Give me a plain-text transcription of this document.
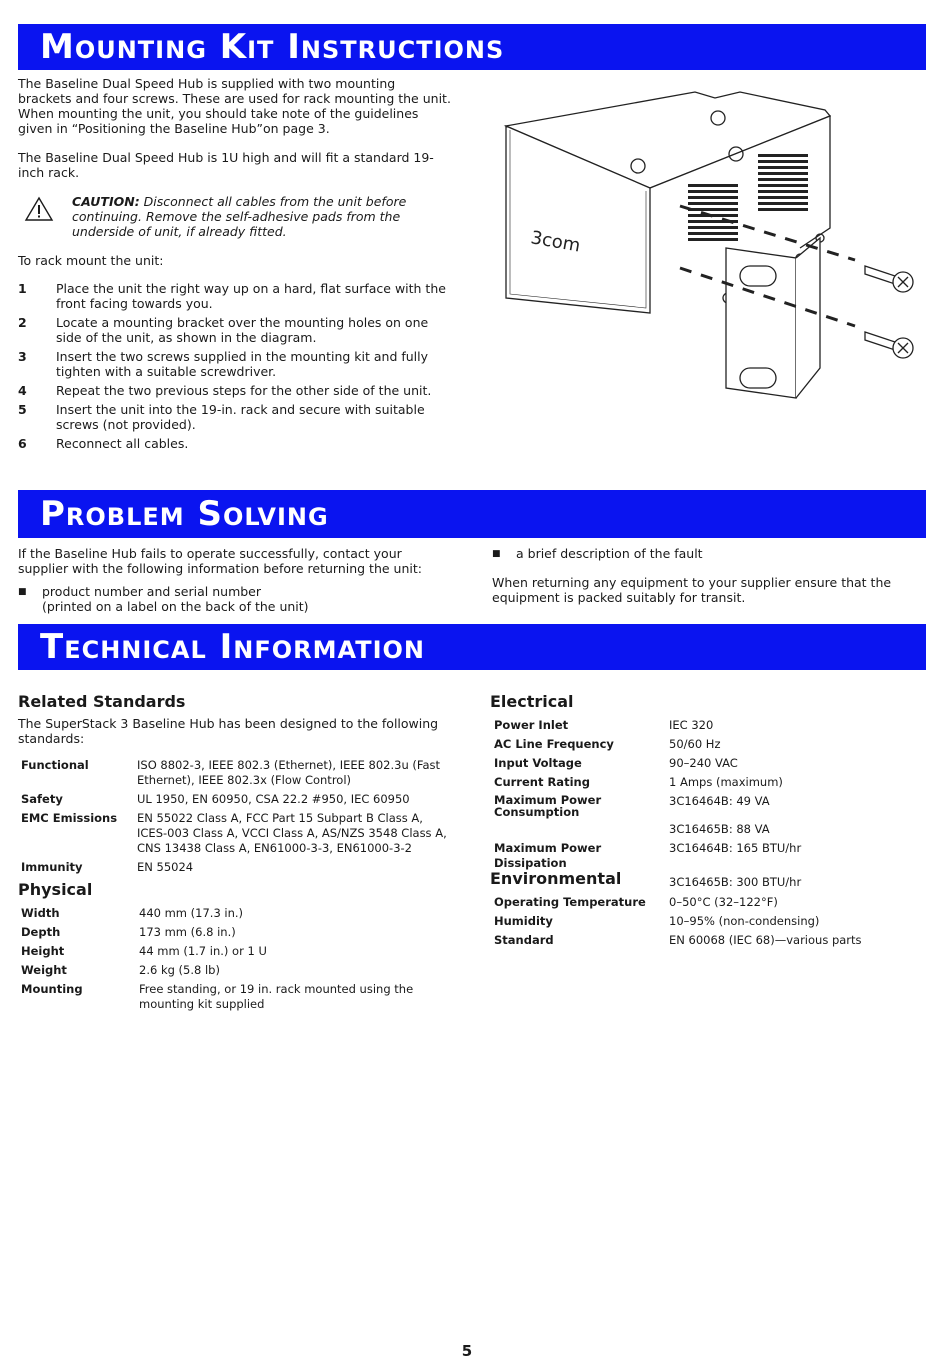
Mounting Kit Instructions

The Baseline Dual Speed Hub is supplied with two mounting brackets and four screws. These are used for rack mounting the unit. When mounting the unit, you should take note of the guidelines given in “Positioning the Baseline Hub”on page 3.

The Baseline Dual Speed Hub is 1U high and will fit a standard 19-inch rack.

CAUTION: Disconnect all cables from the unit before continuing. Remove the self-adhesive pads from the underside of unit, if already fitted.

To rack mount the unit:

1	Place the unit the right way up on a hard, flat surface with the front facing towards you.
2	Locate a mounting bracket over the mounting holes on one side of the unit, as shown in the diagram.
3	Insert the two screws supplied in the mounting kit and fully tighten with a suitable screwdriver.
4	Repeat the two previous steps for the other side of the unit.
5	Insert the unit into the 19-in. rack and secure with suitable screws (not provided).
6	Reconnect all cables.
3com
Problem Solving

If the Baseline Hub fails to operate successfully, contact your supplier with the following information before returning the unit:

■	product number and serial number
(printed on a label on the back of the unit)
■	a brief description of the fault

When returning any equipment to your supplier ensure that the equipment is packed suitably for transit.

Technical Information
Related Standards

The SuperStack 3 Baseline Hub has been designed to the following standards:

Functional	ISO 8802-3, IEEE 802.3 (Ethernet), IEEE 802.3u (Fast Ethernet), IEEE 802.3x (Flow Control)
Safety	UL 1950, EN 60950, CSA 22.2 #950, IEC 60950
EMC Emissions	EN 55022 Class A, FCC Part 15 Subpart B Class A, ICES-003 Class A, VCCI Class A, AS/NZS 3548 Class A, CNS 13438 Class A, EN61000-3-3, EN61000-3-2
Immunity	EN 55024
Physical
Width	440 mm (17.3 in.)
Depth	173 mm (6.8 in.)
Height	44 mm (1.7 in.) or 1 U
Weight	2.6 kg (5.8 lb)
Mounting	Free standing, or 19 in. rack mounted using the mounting kit supplied
Electrical
Power Inlet	IEC 320
AC Line Frequency	50/60 Hz
Input Voltage	90–240 VAC
Current Rating	1 Amps (maximum)
Maximum Power Consumption	3C16464B: 49 VA
	3C16465B: 88 VA
Maximum Power Dissipation	3C16464B: 165 BTU/hr
	3C16465B: 300 BTU/hr
Environmental
Operating Temperature	0–50°C (32–122°F)
Humidity	10–95% (non-condensing)
Standard	EN 60068 (IEC 68)—various parts
5
